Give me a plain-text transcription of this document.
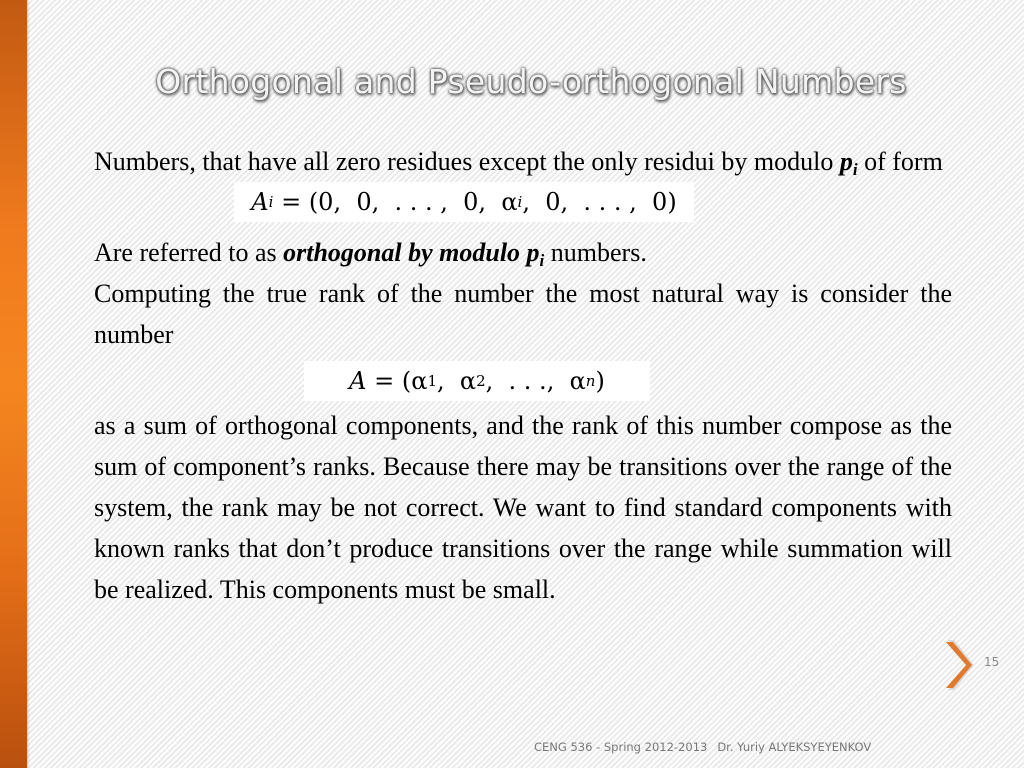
Orthogonal and Pseudo-orthogonal Numbers

Numbers, that have all zero residues except the only residui by modulo $p_i$ of form

A i = (0,  0,  . . . ,  0, α i ,  0,  . . . ,  0)

Are referred to as orthogonal by modulo $p_i$ numbers.

Computing the true rank of the number the most natural way is consider the number

A = ( α 1 , α 2 ,  . . ., α n )

as a sum of orthogonal components, and the rank of this number compose as the sum of component’s ranks. Because there may be transitions over the range of the system, the rank may be not correct. We want to find standard components with known ranks that don’t produce transitions over the range while summation will be realized. This components must be small.

15
CENG 536 - Spring 2012-2013 Dr. Yuriy ALYEKSYEYENKOV
